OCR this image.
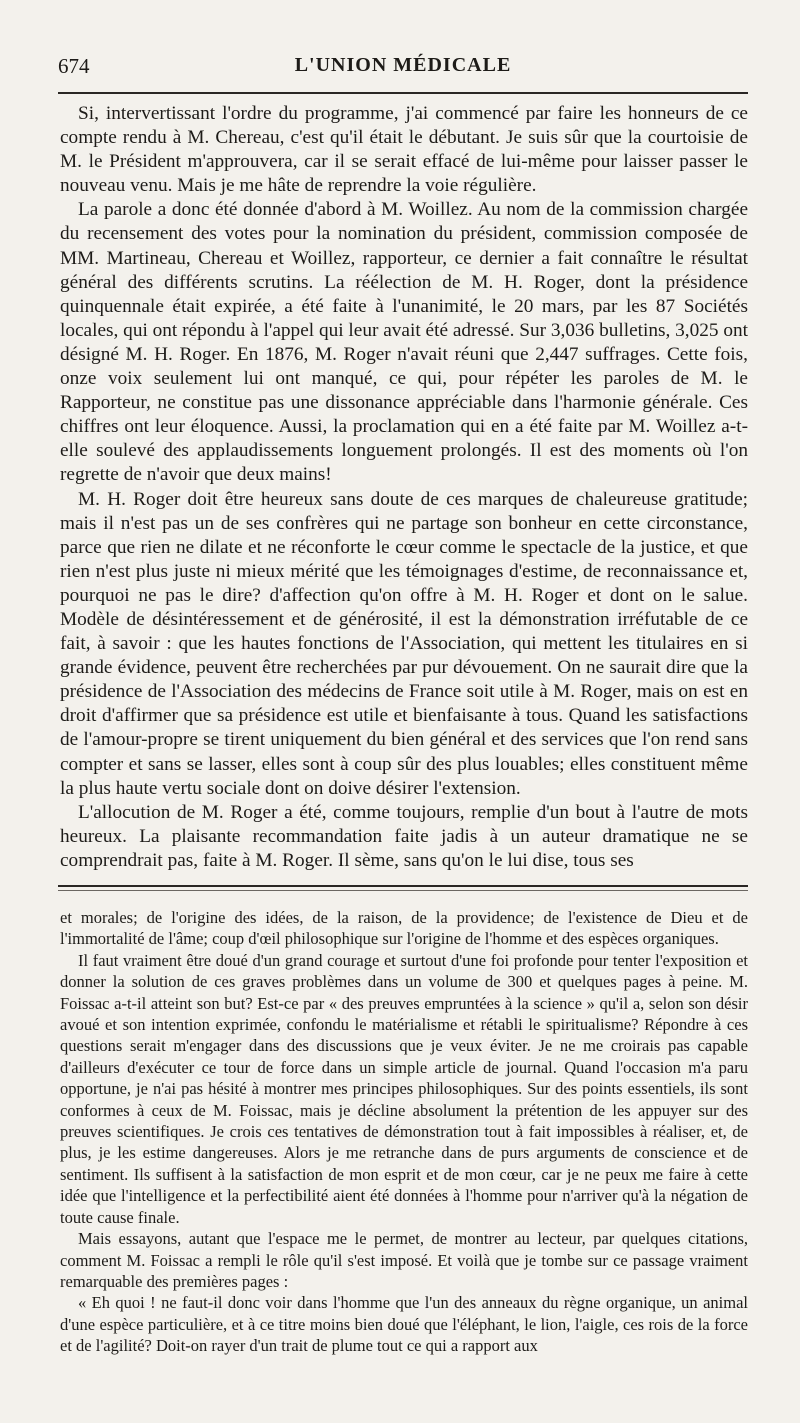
674	L'UNION MÉDICALE

Si, intervertissant l'ordre du programme, j'ai commencé par faire les honneurs de ce compte rendu à M. Chereau, c'est qu'il était le débutant. Je suis sûr que la courtoisie de M. le Président m'approuvera, car il se serait effacé de lui-même pour laisser passer le nouveau venu. Mais je me hâte de reprendre la voie régulière.

La parole a donc été donnée d'abord à M. Woillez. Au nom de la commission chargée du recensement des votes pour la nomination du président, commission composée de MM. Martineau, Chereau et Woillez, rapporteur, ce dernier a fait connaître le résultat général des différents scrutins. La réélection de M. H. Roger, dont la présidence quinquennale était expirée, a été faite à l'unanimité, le 20 mars, par les 87 Sociétés locales, qui ont répondu à l'appel qui leur avait été adressé. Sur 3,036 bulletins, 3,025 ont désigné M. H. Roger. En 1876, M. Roger n'avait réuni que 2,447 suffrages. Cette fois, onze voix seulement lui ont manqué, ce qui, pour répéter les paroles de M. le Rapporteur, ne constitue pas une dissonance appréciable dans l'harmonie générale. Ces chiffres ont leur éloquence. Aussi, la proclamation qui en a été faite par M. Woillez a-t-elle soulevé des applaudissements longuement prolongés. Il est des moments où l'on regrette de n'avoir que deux mains!

M. H. Roger doit être heureux sans doute de ces marques de chaleureuse gratitude; mais il n'est pas un de ses confrères qui ne partage son bonheur en cette circonstance, parce que rien ne dilate et ne réconforte le cœur comme le spectacle de la justice, et que rien n'est plus juste ni mieux mérité que les témoignages d'estime, de reconnaissance et, pourquoi ne pas le dire? d'affection qu'on offre à M. H. Roger et dont on le salue. Modèle de désintéressement et de générosité, il est la démonstration irréfutable de ce fait, à savoir : que les hautes fonctions de l'Association, qui mettent les titulaires en si grande évidence, peuvent être recherchées par pur dévouement. On ne saurait dire que la présidence de l'Association des médecins de France soit utile à M. Roger, mais on est en droit d'affirmer que sa présidence est utile et bienfaisante à tous. Quand les satisfactions de l'amour-propre se tirent uniquement du bien général et des services que l'on rend sans compter et sans se lasser, elles sont à coup sûr des plus louables; elles constituent même la plus haute vertu sociale dont on doive désirer l'extension.

L'allocution de M. Roger a été, comme toujours, remplie d'un bout à l'autre de mots heureux. La plaisante recommandation faite jadis à un auteur dramatique ne se comprendrait pas, faite à M. Roger. Il sème, sans qu'on le lui dise, tous ses

et morales; de l'origine des idées, de la raison, de la providence; de l'existence de Dieu et de l'immortalité de l'âme; coup d'œil philosophique sur l'origine de l'homme et des espèces organiques.

Il faut vraiment être doué d'un grand courage et surtout d'une foi profonde pour tenter l'exposition et donner la solution de ces graves problèmes dans un volume de 300 et quelques pages à peine. M. Foissac a-t-il atteint son but? Est-ce par « des preuves empruntées à la science » qu'il a, selon son désir avoué et son intention exprimée, confondu le matérialisme et rétabli le spiritualisme? Répondre à ces questions serait m'engager dans des discussions que je veux éviter. Je ne me croirais pas capable d'ailleurs d'exécuter ce tour de force dans un simple article de journal. Quand l'occasion m'a paru opportune, je n'ai pas hésité à montrer mes principes philosophiques. Sur des points essentiels, ils sont conformes à ceux de M. Foissac, mais je décline absolument la prétention de les appuyer sur des preuves scientifiques. Je crois ces tentatives de démonstration tout à fait impossibles à réaliser, et, de plus, je les estime dangereuses. Alors je me retranche dans de purs arguments de conscience et de sentiment. Ils suffisent à la satisfaction de mon esprit et de mon cœur, car je ne peux me faire à cette idée que l'intelligence et la perfectibilité aient été données à l'homme pour n'arriver qu'à la négation de toute cause finale.

Mais essayons, autant que l'espace me le permet, de montrer au lecteur, par quelques citations, comment M. Foissac a rempli le rôle qu'il s'est imposé. Et voilà que je tombe sur ce passage vraiment remarquable des premières pages :

« Eh quoi ! ne faut-il donc voir dans l'homme que l'un des anneaux du règne organique, un animal d'une espèce particulière, et à ce titre moins bien doué que l'éléphant, le lion, l'aigle, ces rois de la force et de l'agilité? Doit-on rayer d'un trait de plume tout ce qui a rapport aux
